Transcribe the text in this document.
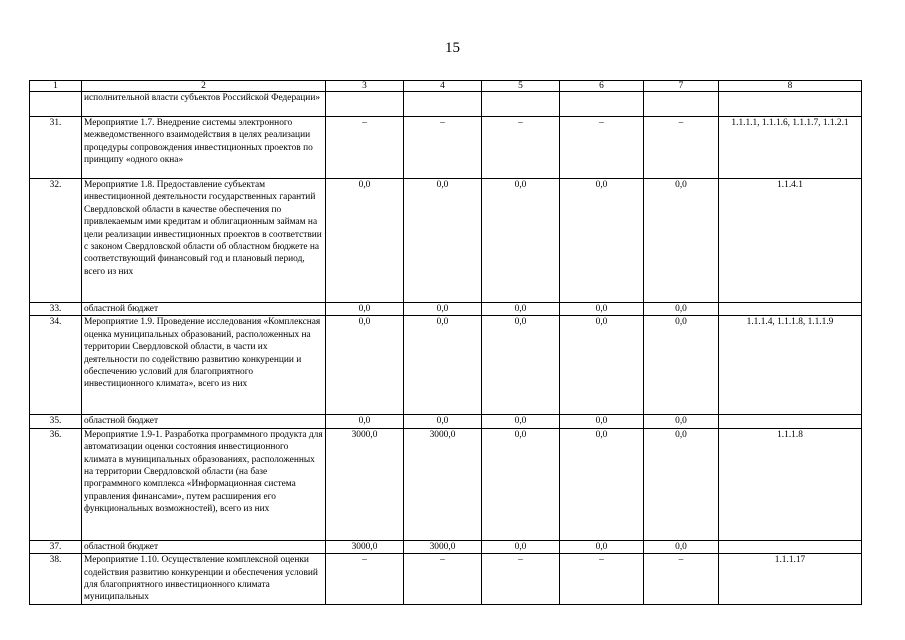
15
1	2	3	4	5	6	7	8
	исполнительной власти субъектов Российской Федерации»						
31.	Мероприятие 1.7. Внедрение системы электронного межведомственного взаимодействия в целях реализации процедуры сопровождения инвестиционных проектов по принципу «одного окна»	–	–	–	–	–	1.1.1.1, 1.1.1.6, 1.1.1.7, 1.1.2.1
32.	Мероприятие 1.8. Предоставление субъектам инвестиционной деятельности государственных гарантий Свердловской области в качестве обеспечения по привлекаемым ими кредитам и облигационным займам на цели реализации инвестиционных проектов в соответствии с законом Свердловской области об областном бюджете на соответствующий финансовый год и плановый период, всего из них	0,0	0,0	0,0	0,0	0,0	1.1.4.1
33.	областной бюджет	0,0	0,0	0,0	0,0	0,0	
34.	Мероприятие 1.9. Проведение исследования «Комплексная оценка муниципальных образований, расположенных на территории Свердловской области, в части их деятельности по содействию развитию конкуренции и обеспечению условий для благоприятного инвестиционного климата», всего из них	0,0	0,0	0,0	0,0	0,0	1.1.1.4, 1.1.1.8, 1.1.1.9
35.	областной бюджет	0,0	0,0	0,0	0,0	0,0	
36.	Мероприятие 1.9-1. Разработка программного продукта для автоматизации оценки состояния инвестиционного климата в муниципальных образованиях, расположенных на территории Свердловской области (на базе программного комплекса «Информационная система управления финансами», путем расширения его функциональных возможностей), всего из них	3000,0	3000,0	0,0	0,0	0,0	1.1.1.8
37.	областной бюджет	3000,0	3000,0	0,0	0,0	0,0	
38.	Мероприятие 1.10. Осуществление комплексной оценки содействия развитию конкуренции и обеспечения условий для благоприятного инвестиционного климата муниципальных	–	–	–	–	–	1.1.1.17
